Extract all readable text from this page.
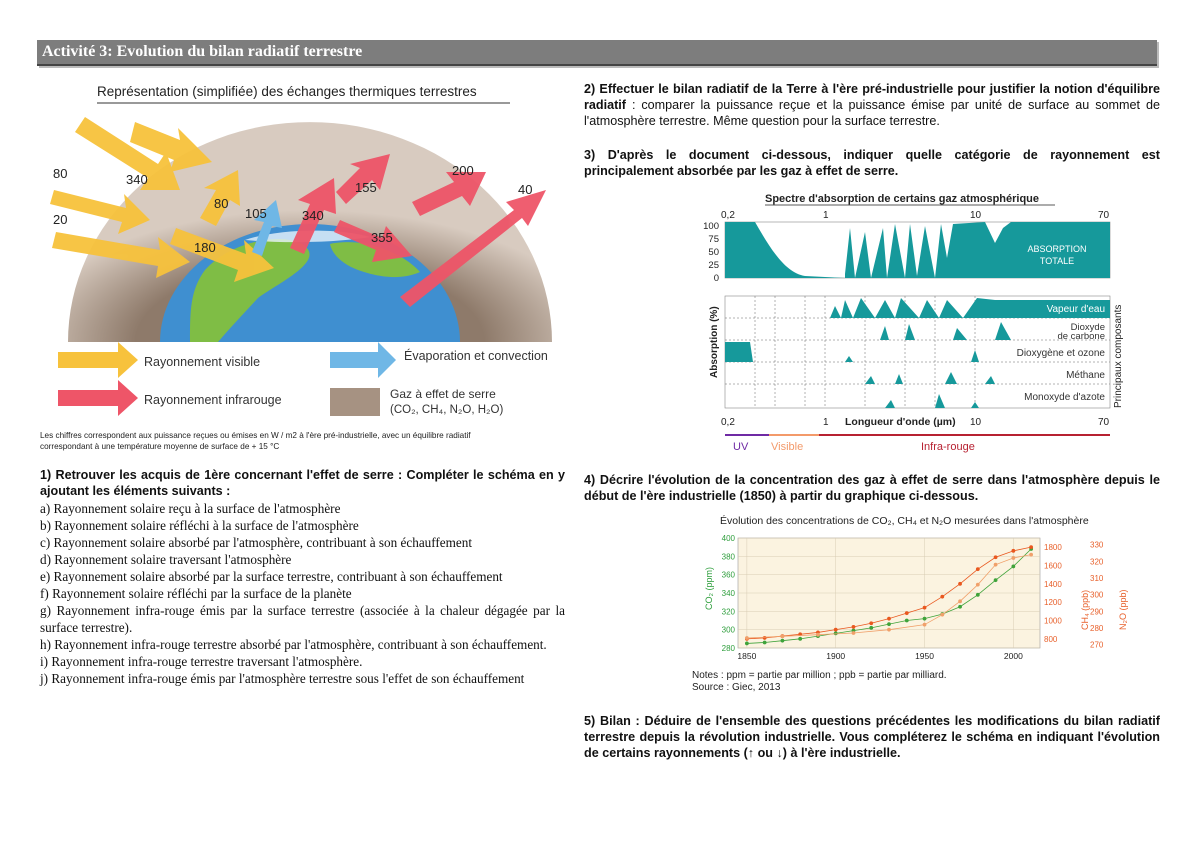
Activité 3: Evolution du bilan radiatif terrestre
Représentation (simplifiée) des échanges thermiques terrestres
80
20
340
80
105
180
340
155
355
200
40
Rayonnement visible
Rayonnement infrarouge
Évaporation et convection
Gaz à effet de serre
(CO₂, CH₄, N₂O, H₂O)
Les chiffres correspondent aux puissance reçues ou émises en W / m2 à l'ère pré-industrielle, avec un équilibre radiatif
correspondant à une température moyenne de surface de + 15 °C
1) Retrouver les acquis de 1ère concernant l'effet de serre : Compléter le schéma en y ajoutant les éléments suivants :
a) Rayonnement solaire reçu à la surface de l'atmosphère
b) Rayonnement solaire réfléchi à la surface de l'atmosphère
c) Rayonnement solaire absorbé par l'atmosphère, contribuant à son échauffement
d) Rayonnement solaire traversant l'atmosphère
e) Rayonnement solaire absorbé par la surface terrestre, contribuant à son échauffement
f) Rayonnement solaire réfléchi par la surface de la planète
g) Rayonnement infra-rouge émis par la surface terrestre (associée à la chaleur dégagée par la surface terrestre).
h) Rayonnement infra-rouge terrestre absorbé par l'atmosphère, contribuant à son échauffement.
i) Rayonnement infra-rouge terrestre traversant l'atmosphère.
j) Rayonnement infra-rouge émis par l'atmosphère terrestre sous l'effet de son échauffement
2) Effectuer le bilan radiatif de la Terre à l'ère pré-industrielle pour justifier la notion d'équilibre radiatif : comparer la puissance reçue et la puissance émise par unité de surface au sommet de l'atmosphère terrestre. Même question pour la surface terrestre.
3) D'après le document ci-dessous, indiquer quelle catégorie de rayonnement est principalement absorbée par les gaz à effet de serre.
Spectre d'absorption de certains gaz atmosphérique
0,2	1	10	70
100
75
50
25
0
ABSORPTION
TOTALE
Vapeur d'eau
Dioxyde
de carbone
Dioxygène et ozone
Méthane
Monoxyde d'azote
Absorption (%)	Principaux composants
0,2	1	10	70
Longueur d'onde (µm)
UV Visible	Infra-rouge
4) Décrire l'évolution de la concentration des gaz à effet de serre dans l'atmosphère depuis le début de l'ère industrielle (1850) à partir du graphique ci-dessous.
Évolution des concentrations de CO₂, CH₄ et N₂O mesurées dans l'atmosphère
280
300
320
340
360
380
400
800
1000
1200
1400
1600
1800
270
280
290
300
310
320
330
1850	1900	1950	2000
CO₂ (ppm)	CH₄ (ppb)	N₂O (ppb)
Notes : ppm = partie par million ; ppb = partie par milliard.
Source : Giec, 2013
5) Bilan : Déduire de l'ensemble des questions précédentes les modifications du bilan radiatif terrestre depuis la révolution industrielle. Vous compléterez le schéma en indiquant l'évolution de certains rayonnements (↑ ou ↓) à l'ère industrielle.
